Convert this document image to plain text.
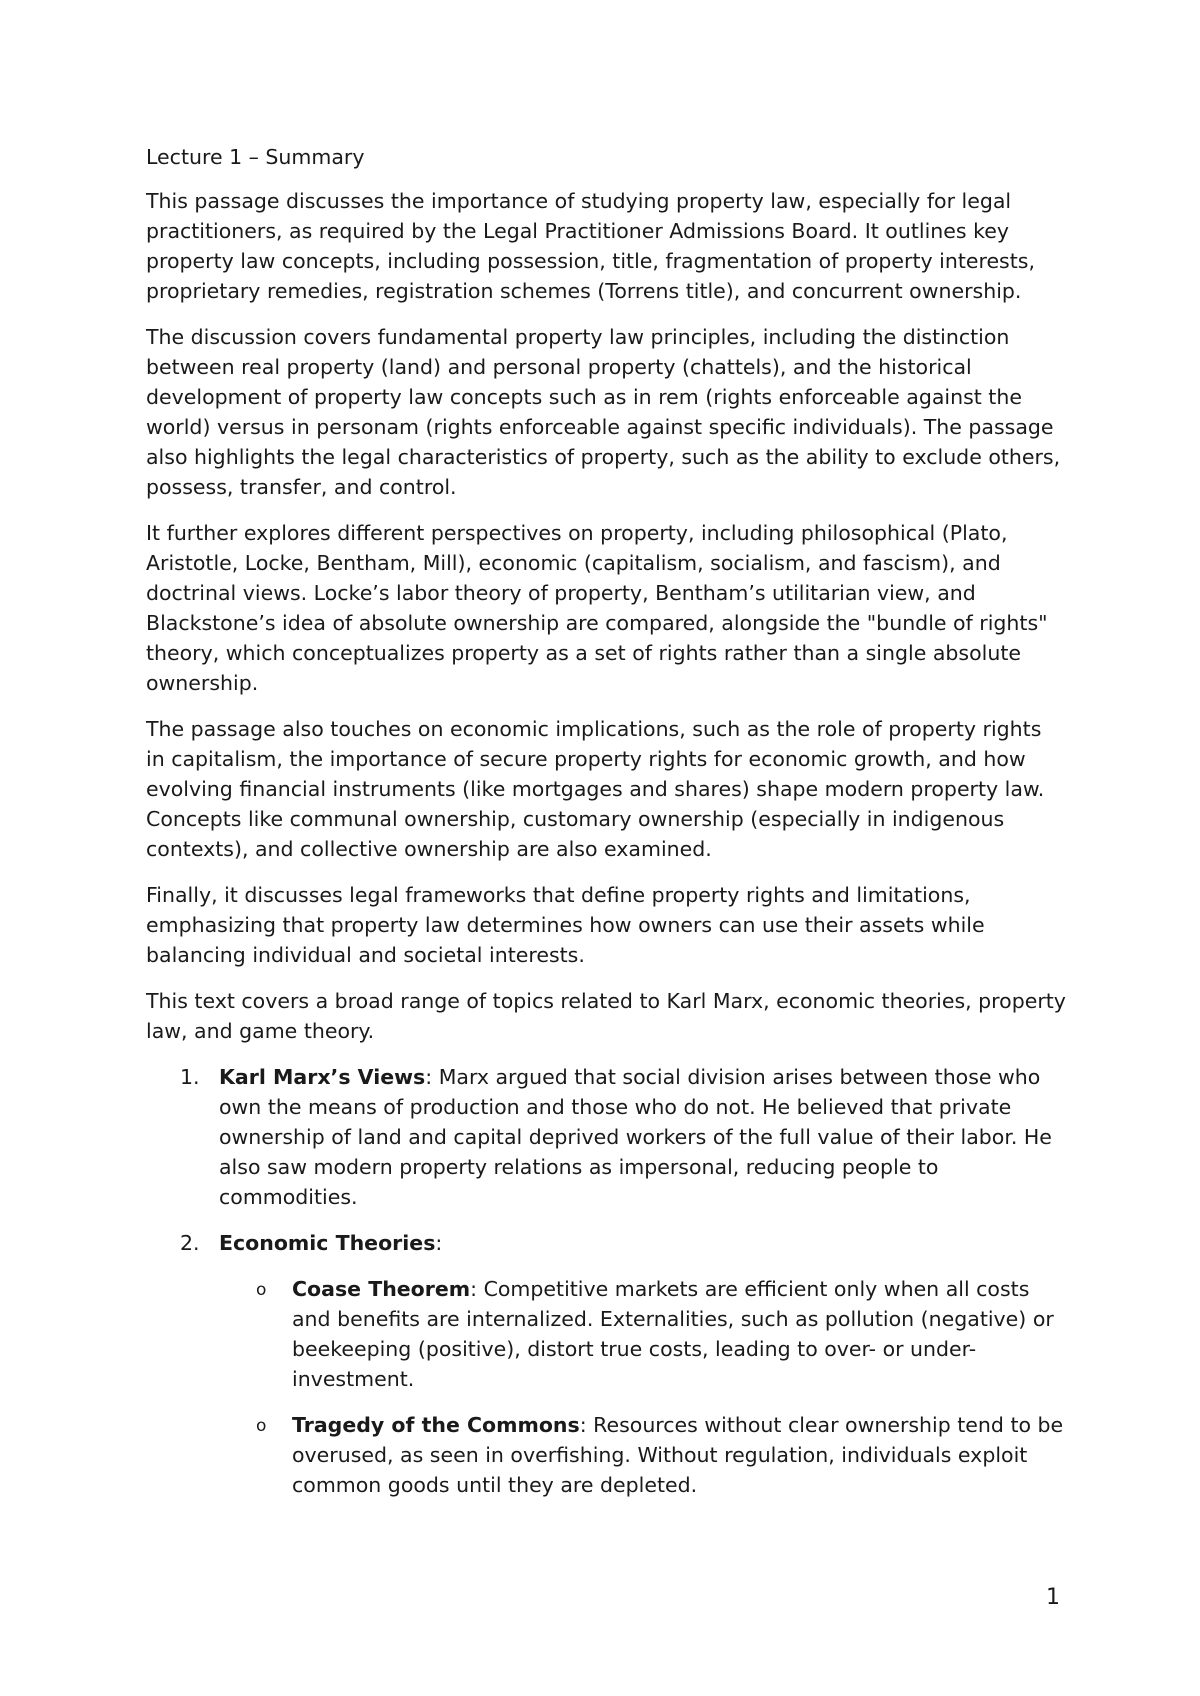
Lecture 1 – Summary

This passage discusses the importance of studying property law, especially for legal practitioners, as required by the Legal Practitioner Admissions Board. It outlines key property law concepts, including possession, title, fragmentation of property interests, proprietary remedies, registration schemes (Torrens title), and concurrent ownership.

The discussion covers fundamental property law principles, including the distinction between real property (land) and personal property (chattels), and the historical development of property law concepts such as in rem (rights enforceable against the world) versus in personam (rights enforceable against specific individuals). The passage also highlights the legal characteristics of property, such as the ability to exclude others, possess, transfer, and control.

It further explores different perspectives on property, including philosophical (Plato, Aristotle, Locke, Bentham, Mill), economic (capitalism, socialism, and fascism), and doctrinal views. Locke’s labor theory of property, Bentham’s utilitarian view, and Blackstone’s idea of absolute ownership are compared, alongside the "bundle of rights" theory, which conceptualizes property as a set of rights rather than a single absolute ownership.

The passage also touches on economic implications, such as the role of property rights in capitalism, the importance of secure property rights for economic growth, and how evolving financial instruments (like mortgages and shares) shape modern property law. Concepts like communal ownership, customary ownership (especially in indigenous contexts), and collective ownership are also examined.

Finally, it discusses legal frameworks that define property rights and limitations, emphasizing that property law determines how owners can use their assets while balancing individual and societal interests.

This text covers a broad range of topics related to Karl Marx, economic theories, property law, and game theory.

1. Karl Marx’s Views: Marx argued that social division arises between those who own the means of production and those who do not. He believed that private ownership of land and capital deprived workers of the full value of their labor. He also saw modern property relations as impersonal, reducing people to commodities.
2. Economic Theories:
o Coase Theorem: Competitive markets are efficient only when all costs and benefits are internalized. Externalities, such as pollution (negative) or beekeeping (positive), distort true costs, leading to over- or under-investment.
o Tragedy of the Commons: Resources without clear ownership tend to be overused, as seen in overfishing. Without regulation, individuals exploit common goods until they are depleted.
1
